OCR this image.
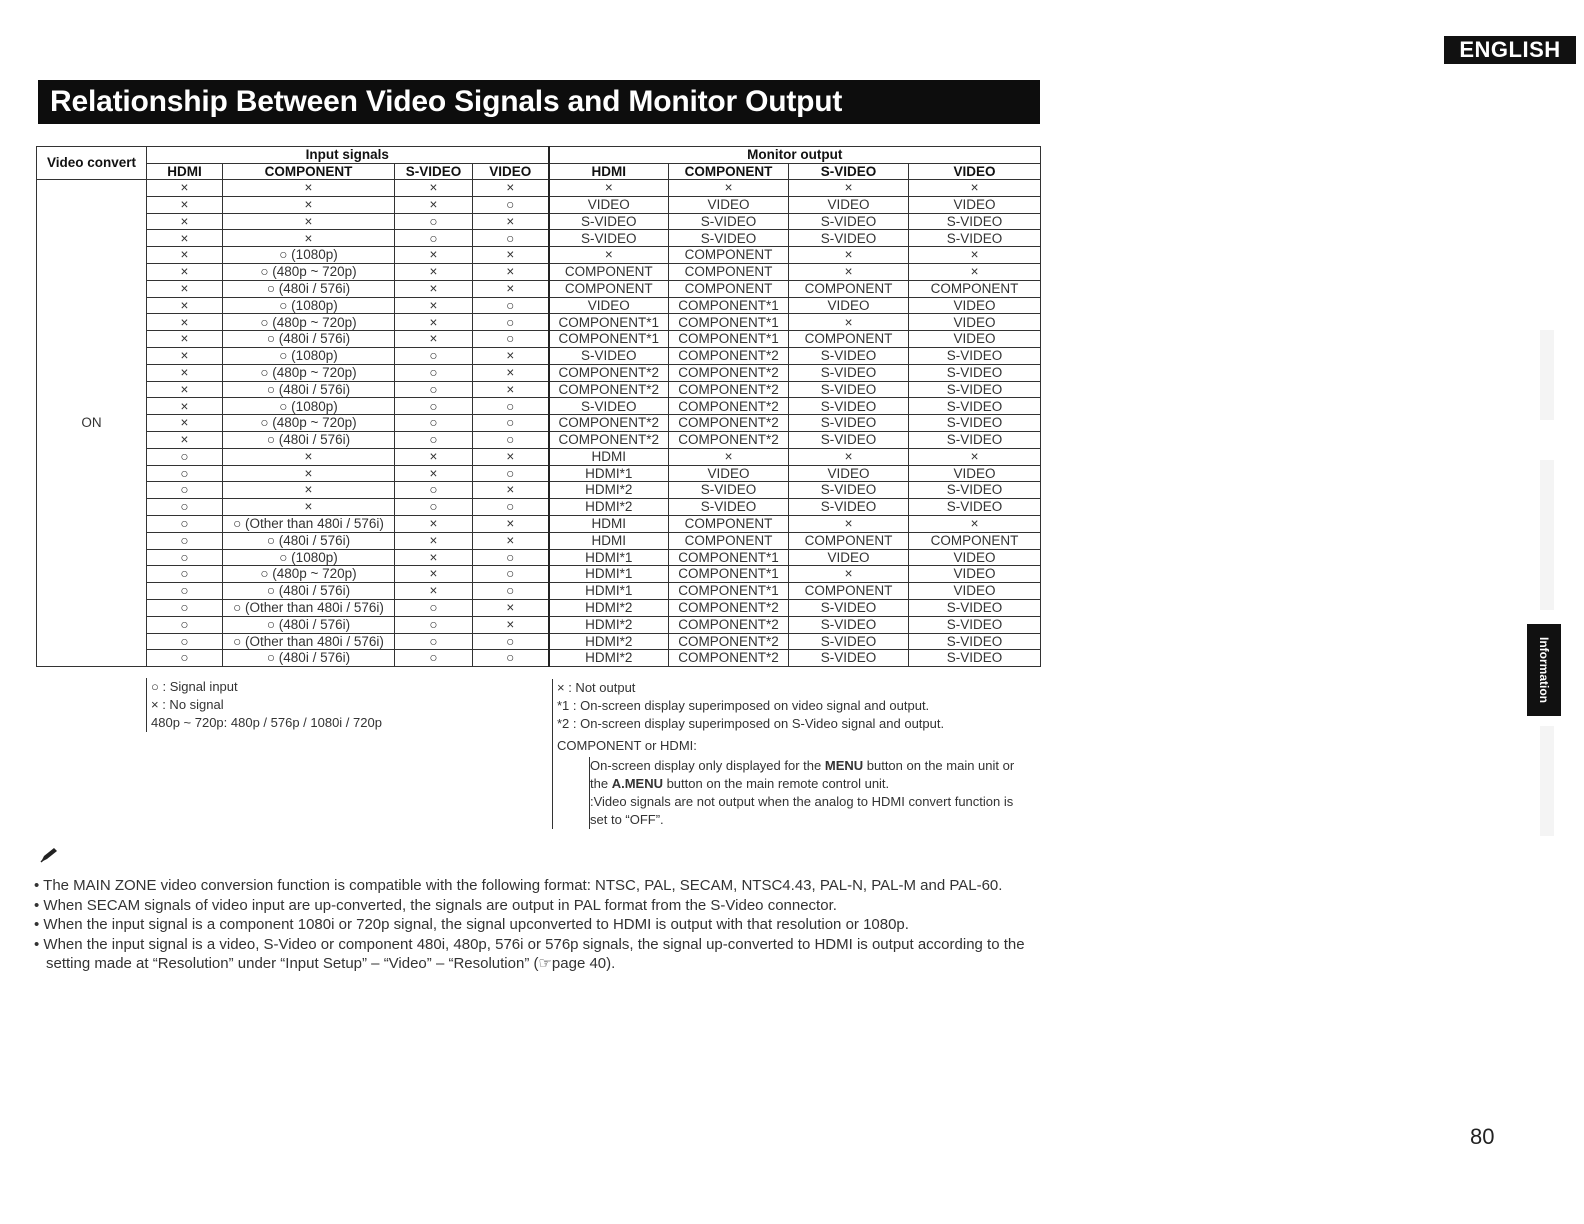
ENGLISH
Relationship Between Video Signals and Monitor Output
Video convert	Input signals				Monitor output			
	HDMI	COMPONENT	S-VIDEO	VIDEO	HDMI	COMPONENT	S-VIDEO	VIDEO
ON	×	×	×	×	×	×	×	×
	×	×	×	○	VIDEO	VIDEO	VIDEO	VIDEO
	×	×	○	×	S-VIDEO	S-VIDEO	S-VIDEO	S-VIDEO
	×	×	○	○	S-VIDEO	S-VIDEO	S-VIDEO	S-VIDEO
	×	○ (1080p)	×	×	×	COMPONENT	×	×
	×	○ (480p ~ 720p)	×	×	COMPONENT	COMPONENT	×	×
	×	○ (480i / 576i)	×	×	COMPONENT	COMPONENT	COMPONENT	COMPONENT
	×	○ (1080p)	×	○	VIDEO	COMPONENT*1	VIDEO	VIDEO
	×	○ (480p ~ 720p)	×	○	COMPONENT*1	COMPONENT*1	×	VIDEO
	×	○ (480i / 576i)	×	○	COMPONENT*1	COMPONENT*1	COMPONENT	VIDEO
	×	○ (1080p)	○	×	S-VIDEO	COMPONENT*2	S-VIDEO	S-VIDEO
	×	○ (480p ~ 720p)	○	×	COMPONENT*2	COMPONENT*2	S-VIDEO	S-VIDEO
	×	○ (480i / 576i)	○	×	COMPONENT*2	COMPONENT*2	S-VIDEO	S-VIDEO
	×	○ (1080p)	○	○	S-VIDEO	COMPONENT*2	S-VIDEO	S-VIDEO
	×	○ (480p ~ 720p)	○	○	COMPONENT*2	COMPONENT*2	S-VIDEO	S-VIDEO
	×	○ (480i / 576i)	○	○	COMPONENT*2	COMPONENT*2	S-VIDEO	S-VIDEO
	○	×	×	×	HDMI	×	×	×
	○	×	×	○	HDMI*1	VIDEO	VIDEO	VIDEO
	○	×	○	×	HDMI*2	S-VIDEO	S-VIDEO	S-VIDEO
	○	×	○	○	HDMI*2	S-VIDEO	S-VIDEO	S-VIDEO
	○	○ (Other than 480i / 576i)	×	×	HDMI	COMPONENT	×	×
	○	○ (480i / 576i)	×	×	HDMI	COMPONENT	COMPONENT	COMPONENT
	○	○ (1080p)	×	○	HDMI*1	COMPONENT*1	VIDEO	VIDEO
	○	○ (480p ~ 720p)	×	○	HDMI*1	COMPONENT*1	×	VIDEO
	○	○ (480i / 576i)	×	○	HDMI*1	COMPONENT*1	COMPONENT	VIDEO
	○	○ (Other than 480i / 576i)	○	×	HDMI*2	COMPONENT*2	S-VIDEO	S-VIDEO
	○	○ (480i / 576i)	○	×	HDMI*2	COMPONENT*2	S-VIDEO	S-VIDEO
	○	○ (Other than 480i / 576i)	○	○	HDMI*2	COMPONENT*2	S-VIDEO	S-VIDEO
	○	○ (480i / 576i)	○	○	HDMI*2	COMPONENT*2	S-VIDEO	S-VIDEO
○ : Signal input
× : No signal
480p ~ 720p: 480p / 576p / 1080i / 720p
× : Not output
*1 : On-screen display superimposed on video signal and output.
*2 : On-screen display superimposed on S-Video signal and output.
COMPONENT or HDMI:
On-screen display only displayed for the MENU button on the main unit or
the A.MENU button on the main remote control unit.
:Video signals are not output when the analog to HDMI convert function is
set to “OFF”.
• The MAIN ZONE video conversion function is compatible with the following format: NTSC, PAL, SECAM, NTSC4.43, PAL-N, PAL-M and PAL-60.
• When SECAM signals of video input are up-converted, the signals are output in PAL format from the S-Video connector.
• When the input signal is a component 1080i or 720p signal, the signal upconverted to HDMI is output with that resolution or 1080p.
• When the input signal is a video, S-Video or component 480i, 480p, 576i or 576p signals, the signal up-converted to HDMI is output according to the setting made at “Resolution” under “Input Setup” – “Video” – “Resolution” (☞page 40).
Information
80
